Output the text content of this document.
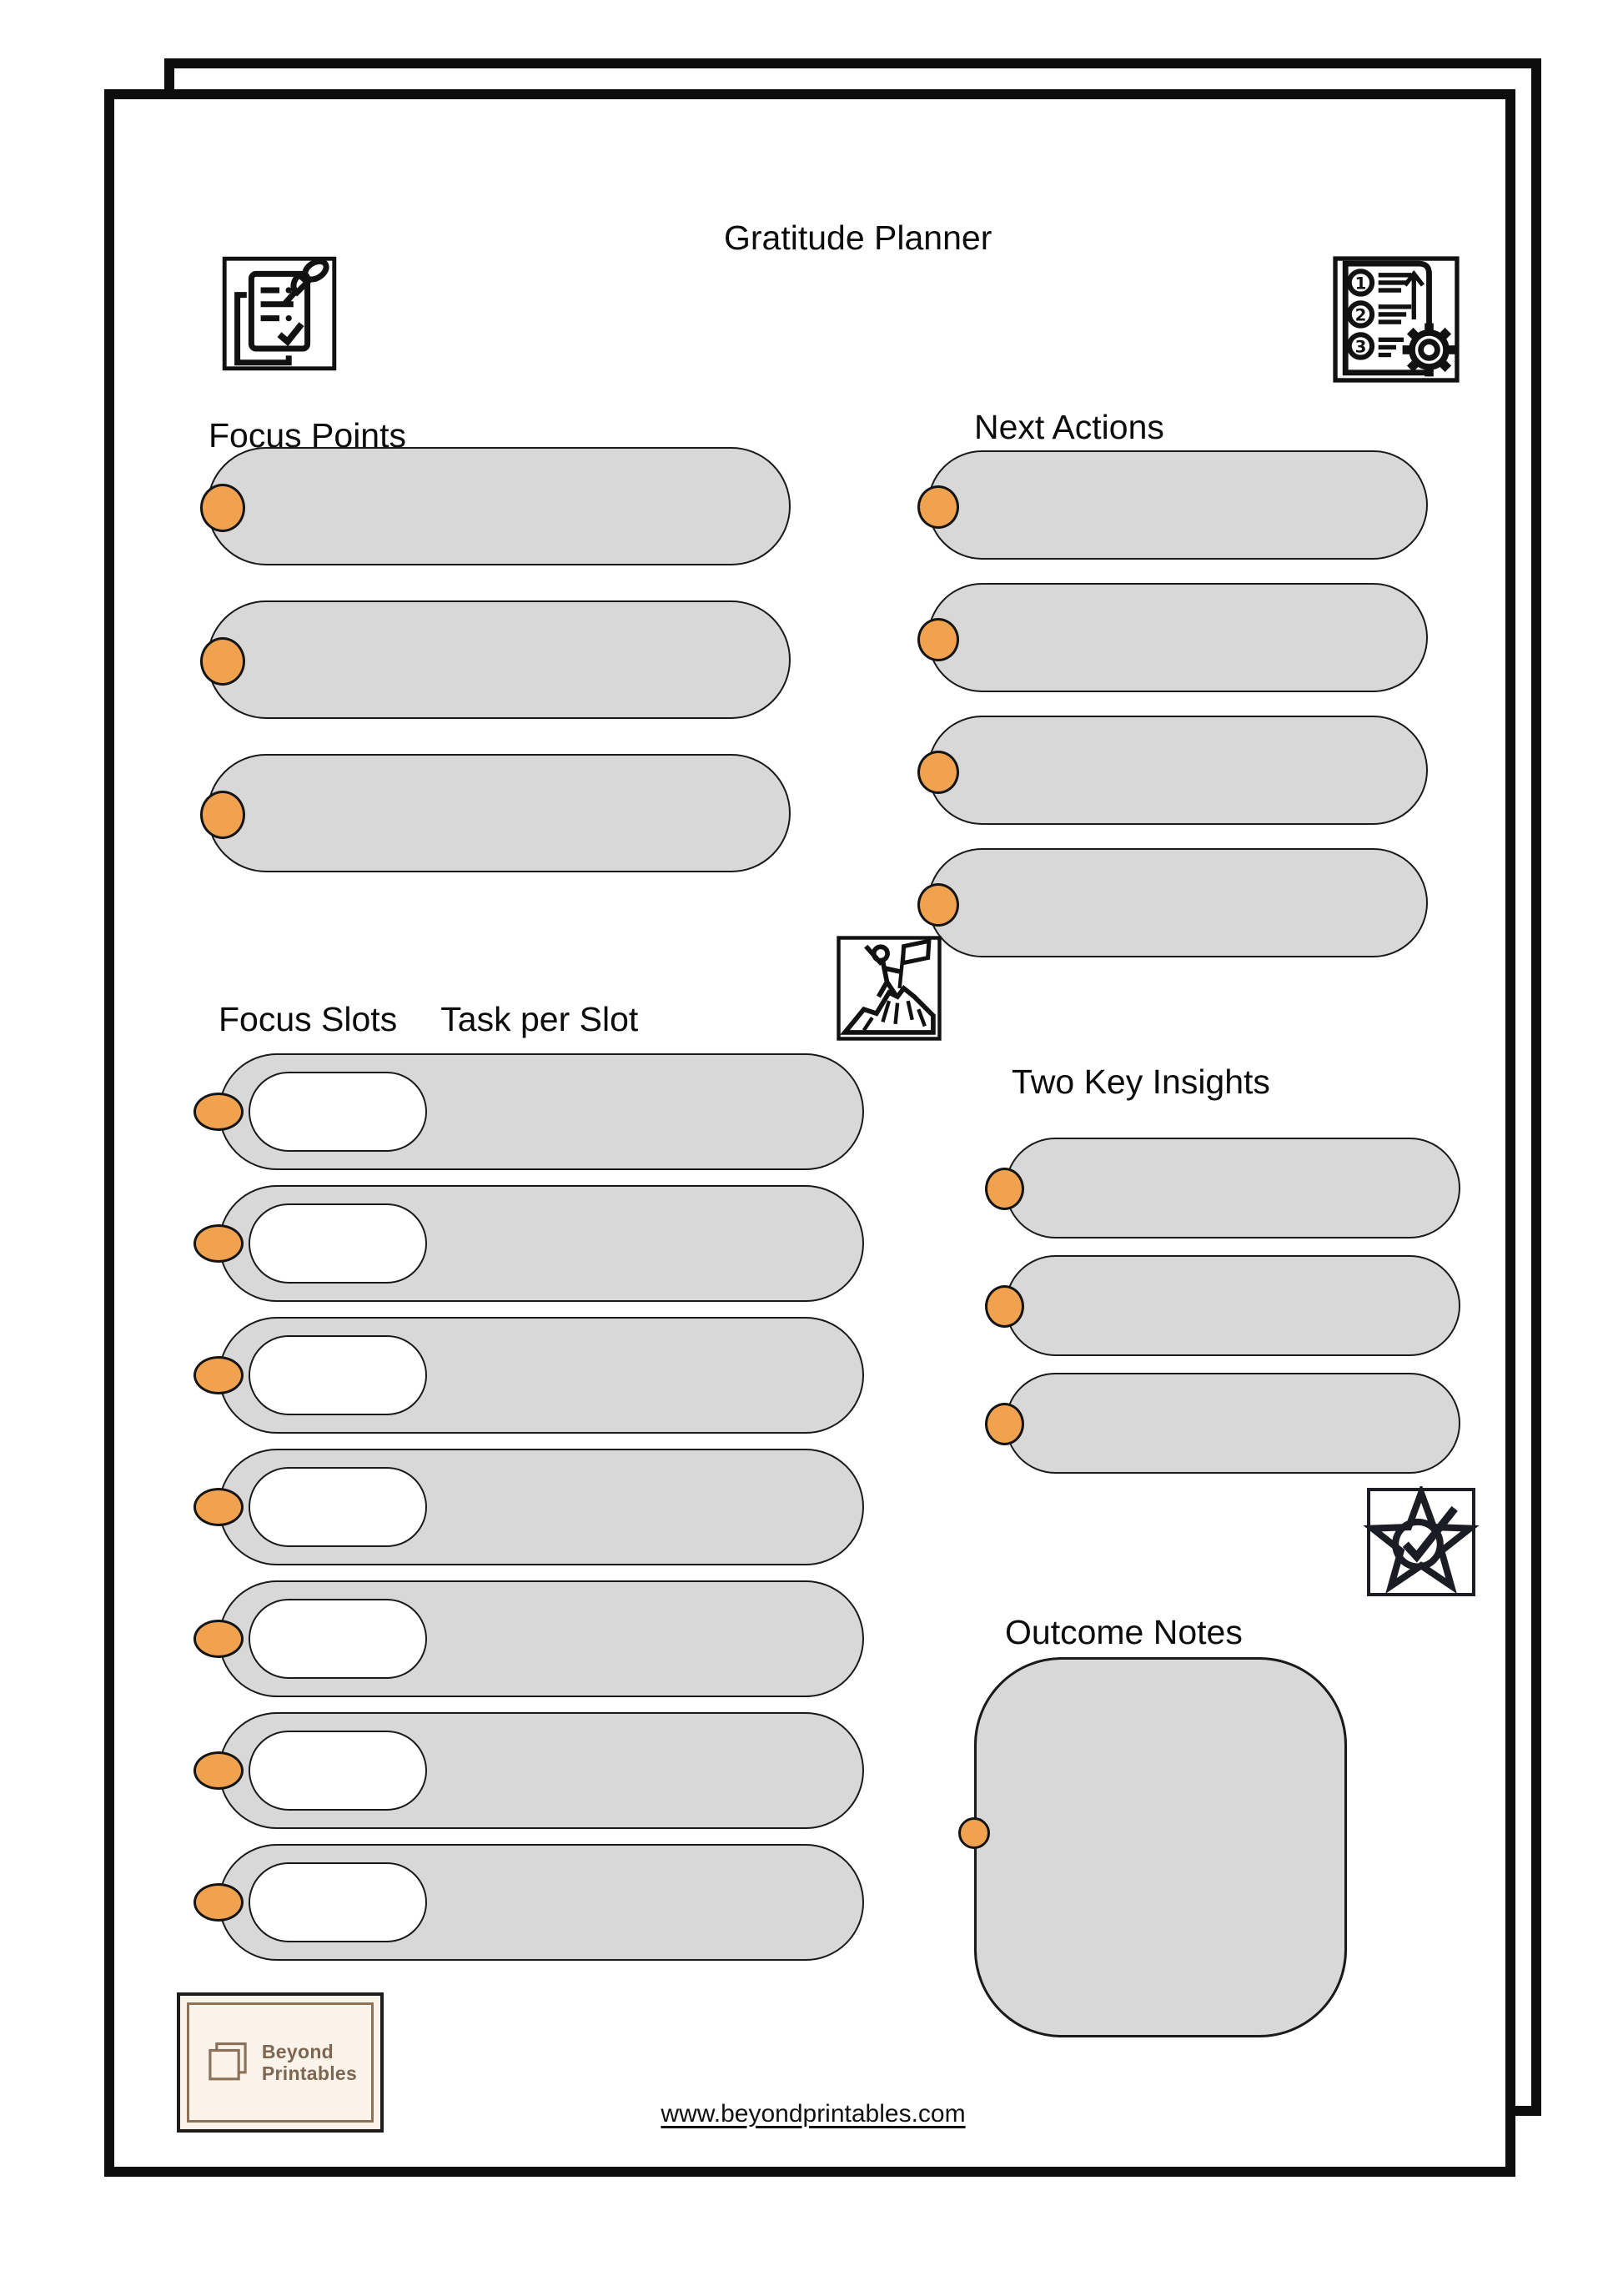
Gratitude Planner
1
2
3
Focus Points	Next Actions
Focus Slots Task per Slot
Two Key Insights
Outcome Notes
Beyond
Printables
www.beyondprintables.com
